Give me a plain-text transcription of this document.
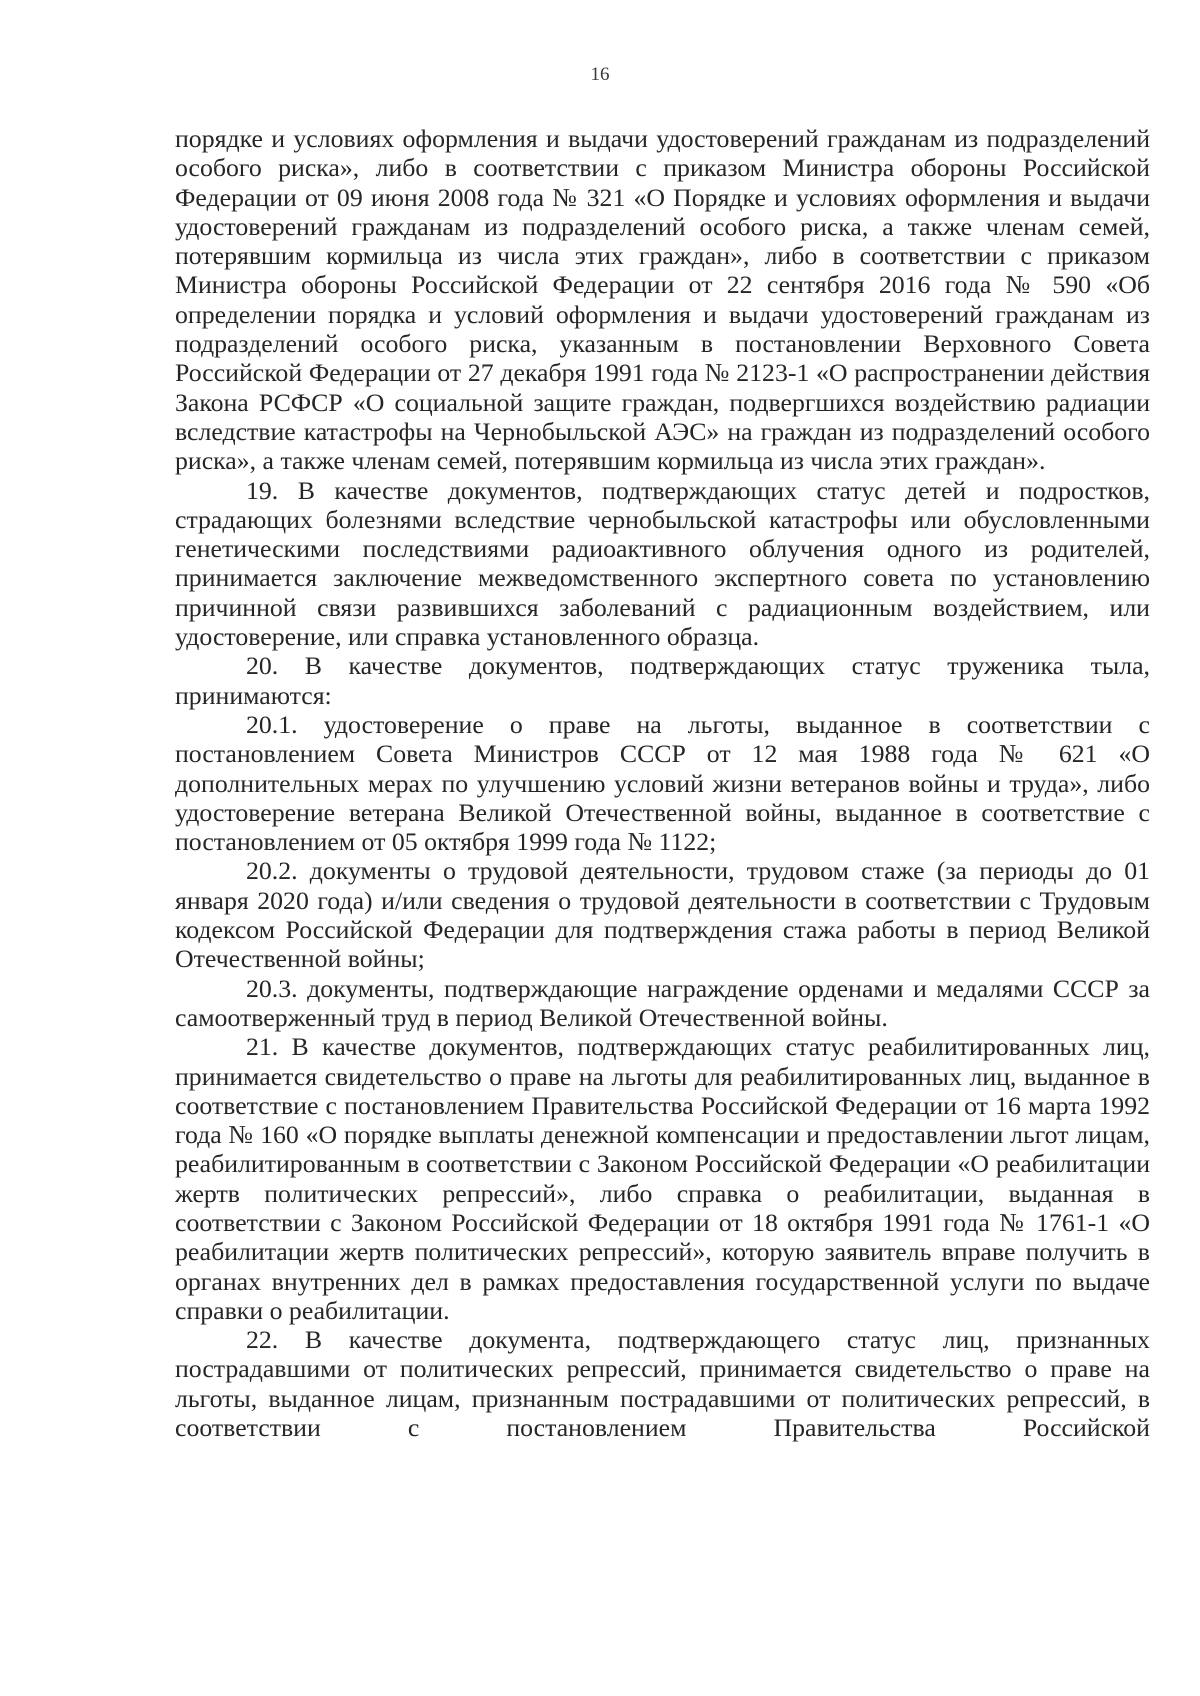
16

порядке и условиях оформления и выдачи удостоверений гражданам из подразделений особого риска», либо в соответствии с приказом Министра обороны Российской Федерации от 09 июня 2008 года № 321 «О Порядке и условиях оформления и выдачи удостоверений гражданам из подразделений особого риска, а также членам семей, потерявшим кормильца из числа этих граждан», либо в соответствии с приказом Министра обороны Российской Федерации от 22 сентября 2016 года № 590 «Об определении порядка и условий оформления и выдачи удостоверений гражданам из подразделений особого риска, указанным в постановлении Верховного Совета Российской Федерации от 27 декабря 1991 года № 2123-1 «О распространении действия Закона РСФСР «О социальной защите граждан, подвергшихся воздействию радиации вследствие катастрофы на Чернобыльской АЭС» на граждан из подразделений особого риска», а также членам семей, потерявшим кормильца из числа этих граждан».

19. В качестве документов, подтверждающих статус детей и подростков, страдающих болезнями вследствие чернобыльской катастрофы или обусловленными генетическими последствиями радиоактивного облучения одного из родителей, принимается заключение межведомственного экспертного совета по установлению причинной связи развившихся заболеваний с радиационным воздействием, или удостоверение, или справка установленного образца.

20. В качестве документов, подтверждающих статус труженика тыла, принимаются:

20.1. удостоверение о праве на льготы, выданное в соответствии с постановлением Совета Министров СССР от 12 мая 1988 года № 621 «О дополнительных мерах по улучшению условий жизни ветеранов войны и труда», либо удостоверение ветерана Великой Отечественной войны, выданное в соответствие с постановлением от 05 октября 1999 года № 1122;

20.2. документы о трудовой деятельности, трудовом стаже (за периоды до 01 января 2020 года) и/или сведения о трудовой деятельности в соответствии с Трудовым кодексом Российской Федерации для подтверждения стажа работы в период Великой Отечественной войны;

20.3. документы, подтверждающие награждение орденами и медалями СССР за самоотверженный труд в период Великой Отечественной войны.

21. В качестве документов, подтверждающих статус реабилитированных лиц, принимается свидетельство о праве на льготы для реабилитированных лиц, выданное в соответствие с постановлением Правительства Российской Федерации от 16 марта 1992 года № 160 «О порядке выплаты денежной компенсации и предоставлении льгот лицам, реабилитированным в соответствии с Законом Российской Федерации «О реабилитации жертв политических репрессий», либо справка о реабилитации, выданная в соответствии с Законом Российской Федерации от 18 октября 1991 года № 1761-1 «О реабилитации жертв политических репрессий», которую заявитель вправе получить в органах внутренних дел в рамках предоставления государственной услуги по выдаче справки о реабилитации.

22. В качестве документа, подтверждающего статус лиц, признанных пострадавшими от политических репрессий, принимается свидетельство о праве на льготы, выданное лицам, признанным пострадавшими от политических репрессий, в соответствии с постановлением Правительства Российской
